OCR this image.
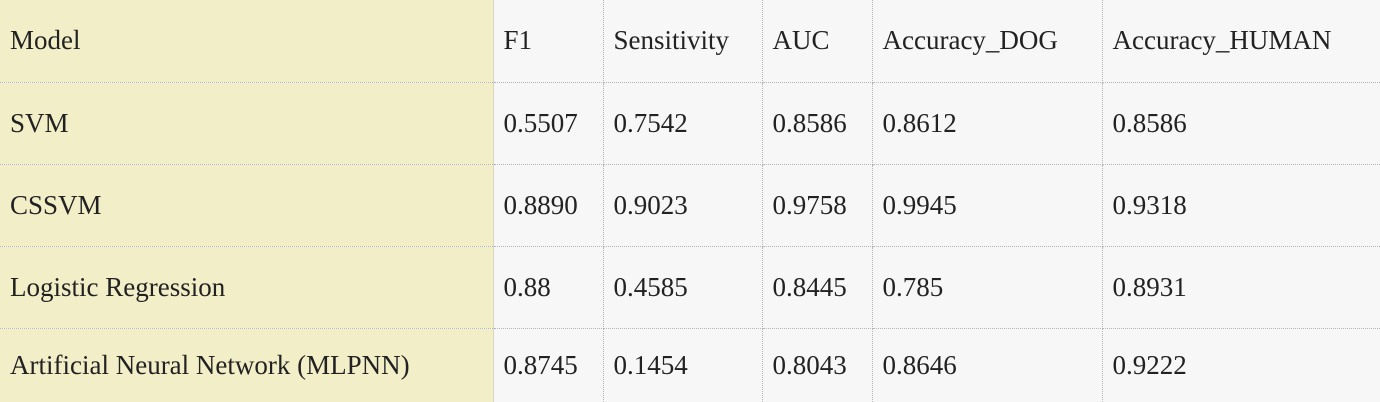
Model	F1	Sensitivity	AUC	Accuracy_DOG	Accuracy_HUMAN
SVM	0.5507	0.7542	0.8586	0.8612	0.8586
CSSVM	0.8890	0.9023	0.9758	0.9945	0.9318
Logistic Regression	0.88	0.4585	0.8445	0.785	0.8931
Artificial Neural Network (MLPNN)	0.8745	0.1454	0.8043	0.8646	0.9222
